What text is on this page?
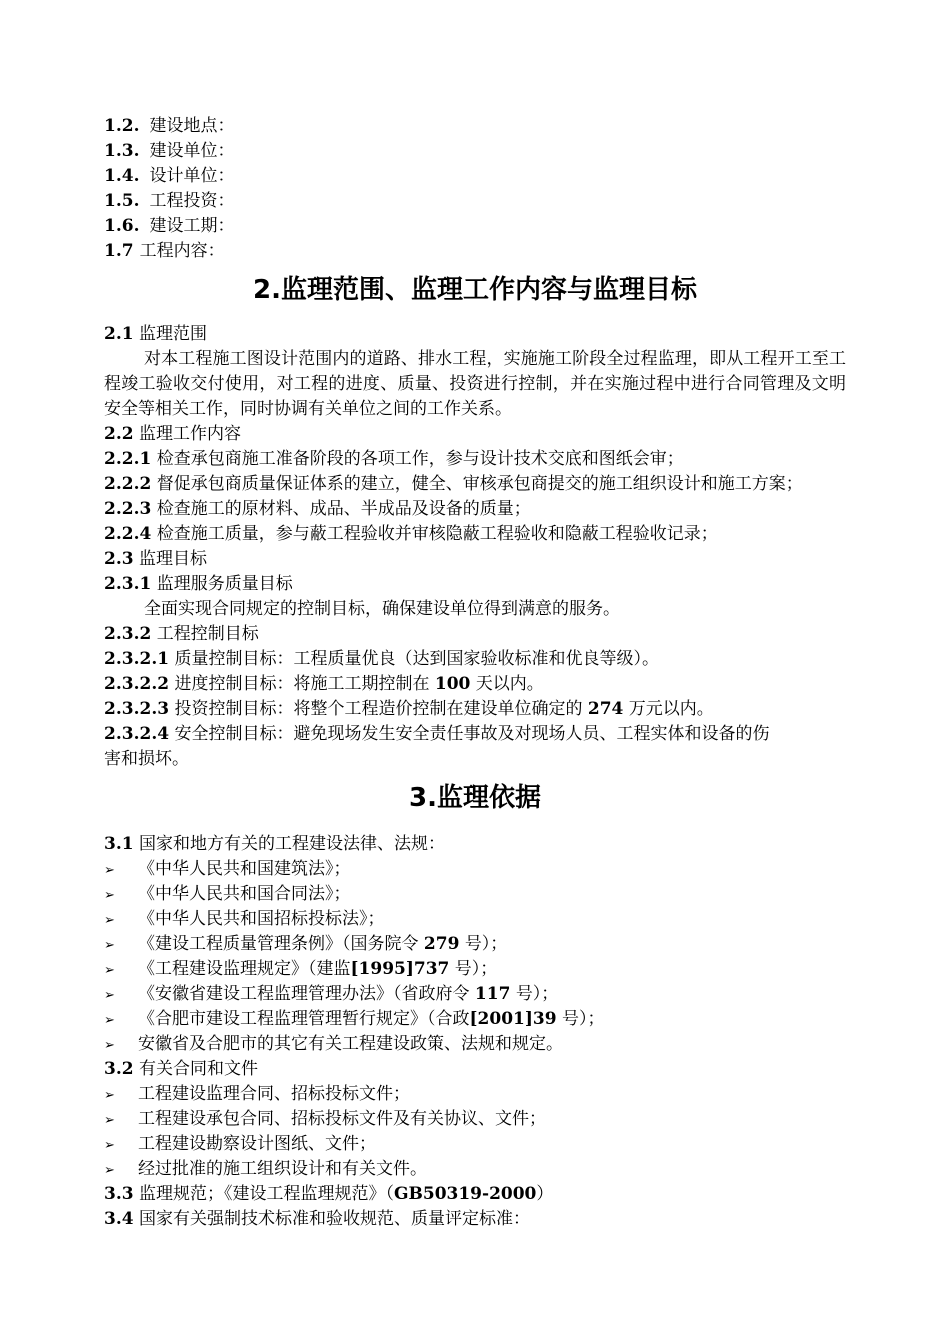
1.2. 建设地点：
1.3. 建设单位：
1.4. 设计单位：
1.5. 工程投资：
1.6. 建设工期：
1.7 工程内容：
2.监理范围、监理工作内容与监理目标
2.1 监理范围
对本工程施工图设计范围内的道路、排水工程，实施施工阶段全过程监理，即从工程开工至工程竣工验收交付使用，对工程的进度、质量、投资进行控制，并在实施过程中进行合同管理及文明安全等相关工作，同时协调有关单位之间的工作关系。
2.2 监理工作内容
2.2.1 检查承包商施工准备阶段的各项工作，参与设计技术交底和图纸会审；
2.2.2 督促承包商质量保证体系的建立，健全、审核承包商提交的施工组织设计和施工方案；
2.2.3 检查施工的原材料、成品、半成品及设备的质量；
2.2.4 检查施工质量，参与蔽工程验收并审核隐蔽工程验收和隐蔽工程验收记录；
2.3 监理目标
2.3.1 监理服务质量目标
全面实现合同规定的控制目标，确保建设单位得到满意的服务。
2.3.2 工程控制目标
2.3.2.1 质量控制目标：工程质量优良（达到国家验收标准和优良等级）。
2.3.2.2 进度控制目标：将施工工期控制在 100 天以内。
2.3.2.3 投资控制目标：将整个工程造价控制在建设单位确定的 274 万元以内。
2.3.2.4 安全控制目标：避免现场发生安全责任事故及对现场人员、工程实体和设备的伤
害和损坏。
3.监理依据
3.1 国家和地方有关的工程建设法律、法规：
➢ 《中华人民共和国建筑法》；
➢ 《中华人民共和国合同法》；
➢ 《中华人民共和国招标投标法》；
➢ 《建设工程质量管理条例》（国务院令 279 号）；
➢ 《工程建设监理规定》（建监[1995]737 号）；
➢ 《安徽省建设工程监理管理办法》（省政府令 117 号）；
➢ 《合肥市建设工程监理管理暂行规定》（合政[2001]39 号）；
➢ 安徽省及合肥市的其它有关工程建设政策、法规和规定。
3.2 有关合同和文件
➢ 工程建设监理合同、招标投标文件；
➢ 工程建设承包合同、招标投标文件及有关协议、文件；
➢ 工程建设勘察设计图纸、文件；
➢ 经过批准的施工组织设计和有关文件。
3.3 监理规范；《建设工程监理规范》（GB50319-2000）
3.4 国家有关强制技术标准和验收规范、质量评定标准：
